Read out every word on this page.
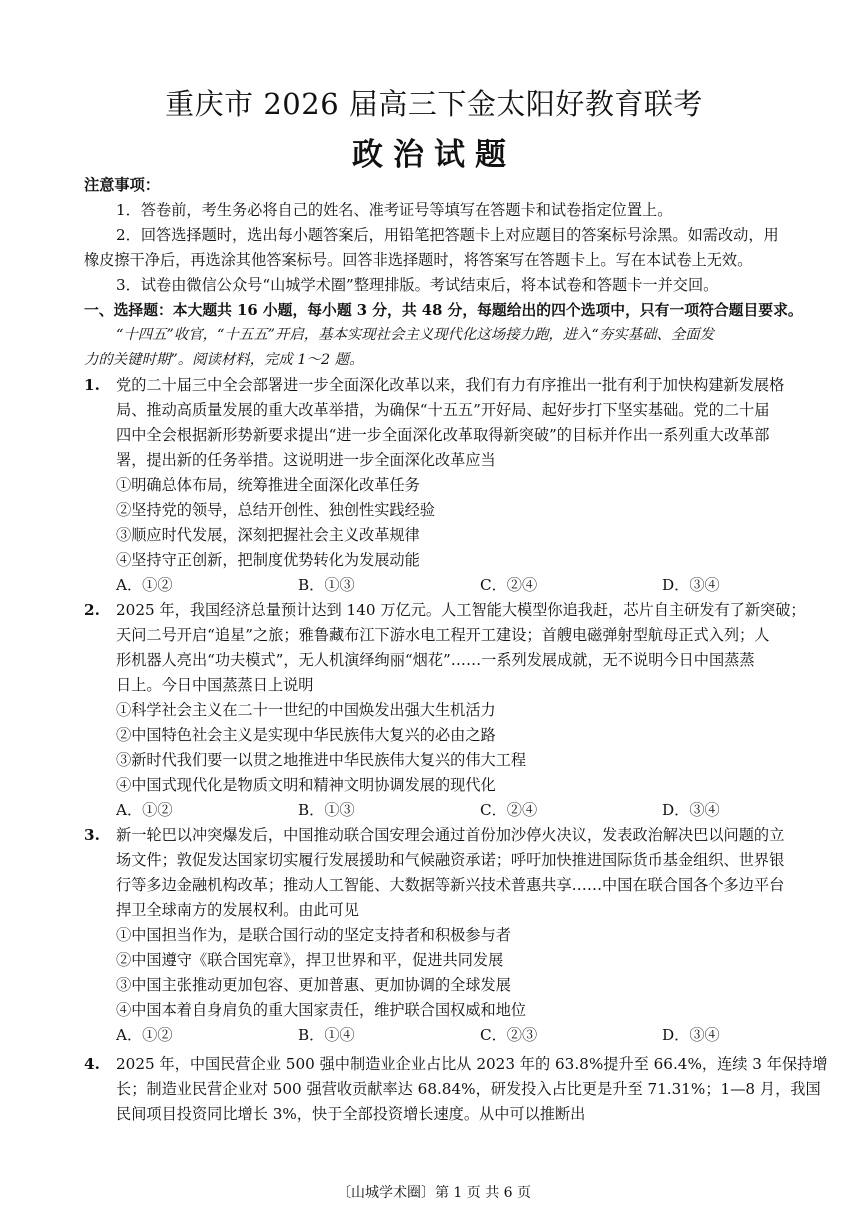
重庆市 2026 届高三下金太阳好教育联考
政治试题
注意事项：
1．答卷前，考生务必将自己的姓名、准考证号等填写在答题卡和试卷指定位置上。
2．回答选择题时，选出每小题答案后，用铅笔把答题卡上对应题目的答案标号涂黑。如需改动，用
橡皮擦干净后，再选涂其他答案标号。回答非选择题时，将答案写在答题卡上。写在本试卷上无效。
3．试卷由微信公众号“山城学术圈”整理排版。考试结束后，将本试卷和答题卡一并交回。
一、选择题：本大题共 16 小题，每小题 3 分，共 48 分，每题给出的四个选项中，只有一项符合题目要求。
“十四五”收官，“十五五”开启，基本实现社会主义现代化这场接力跑，进入“夯实基础、全面发
力的关键时期”。阅读材料，完成 1～2 题。
1. 党的二十届三中全会部署进一步全面深化改革以来，我们有力有序推出一批有利于加快构建新发展格
局、推动高质量发展的重大改革举措，为确保“十五五”开好局、起好步打下坚实基础。党的二十届
四中全会根据新形势新要求提出“进一步全面深化改革取得新突破”的目标并作出一系列重大改革部
署，提出新的任务举措。这说明进一步全面深化改革应当
①明确总体布局，统筹推进全面深化改革任务
②坚持党的领导，总结开创性、独创性实践经验
③顺应时代发展，深刻把握社会主义改革规律
④坚持守正创新，把制度优势转化为发展动能
A．①②	B．①③	C．②④	D．③④
2. 2025 年，我国经济总量预计达到 140 万亿元。人工智能大模型你追我赶，芯片自主研发有了新突破；
天问二号开启“追星”之旅；雅鲁藏布江下游水电工程开工建设；首艘电磁弹射型航母正式入列；人
形机器人亮出“功夫模式”，无人机演绎绚丽“烟花”……一系列发展成就，无不说明今日中国蒸蒸
日上。今日中国蒸蒸日上说明
①科学社会主义在二十一世纪的中国焕发出强大生机活力
②中国特色社会主义是实现中华民族伟大复兴的必由之路
③新时代我们要一以贯之地推进中华民族伟大复兴的伟大工程
④中国式现代化是物质文明和精神文明协调发展的现代化
A．①②	B．①③	C．②④	D．③④
3. 新一轮巴以冲突爆发后，中国推动联合国安理会通过首份加沙停火决议，发表政治解决巴以问题的立
场文件；敦促发达国家切实履行发展援助和气候融资承诺；呼吁加快推进国际货币基金组织、世界银
行等多边金融机构改革；推动人工智能、大数据等新兴技术普惠共享……中国在联合国各个多边平台
捍卫全球南方的发展权利。由此可见
①中国担当作为，是联合国行动的坚定支持者和积极参与者
②中国遵守《联合国宪章》，捍卫世界和平，促进共同发展
③中国主张推动更加包容、更加普惠、更加协调的全球发展
④中国本着自身肩负的重大国家责任，维护联合国权威和地位
A．①②	B．①④	C．②③	D．③④
4. 2025 年，中国民营企业 500 强中制造业企业占比从 2023 年的 63.8%提升至 66.4%，连续 3 年保持增
长；制造业民营企业对 500 强营收贡献率达 68.84%，研发投入占比更是升至 71.31%；1—8 月，我国
民间项目投资同比增长 3%，快于全部投资增长速度。从中可以推断出
〔山城学术圈〕第 1 页 共 6 页
